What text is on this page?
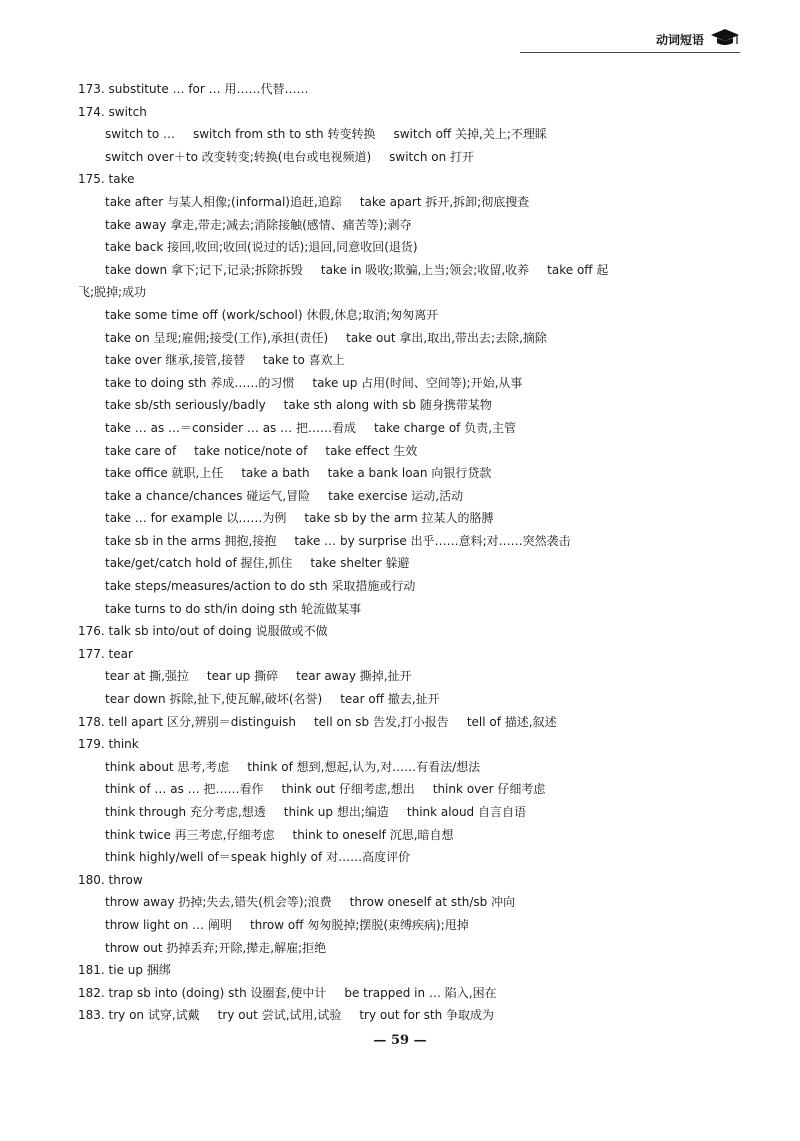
动词短语
173. substitute … for … 用……代替……
174. switch
switch to … switch from sth to sth 转变转换 switch off 关掉,关上;不理睬
switch over＋to 改变转变;转换(电台或电视频道) switch on 打开
175. take
take after 与某人相像;(informal)追赶,追踪 take apart 拆开,拆卸;彻底搜查
take away 拿走,带走;减去;消除接触(感情、痛苦等);剥夺
take back 接回,收回;收回(说过的话);退回,同意收回(退货)
take down 拿下;记下,记录;拆除拆毁 take in 吸收;欺骗,上当;领会;收留,收养 take off 起
飞;脱掉;成功
take some time off (work/school) 休假,休息;取消;匆匆离开
take on 呈现;雇佣;接受(工作),承担(责任) take out 拿出,取出,带出去;去除,摘除
take over 继承,接管,接替 take to 喜欢上
take to doing sth 养成……的习惯 take up 占用(时间、空间等);开始,从事
take sb/sth seriously/badly take sth along with sb 随身携带某物
take … as …＝consider … as … 把……看成 take charge of 负责,主管
take care of take notice/note of take effect 生效
take office 就职,上任 take a bath take a bank loan 向银行贷款
take a chance/chances 碰运气,冒险 take exercise 运动,活动
take … for example 以……为例 take sb by the arm 拉某人的胳膊
take sb in the arms 拥抱,接抱 take … by surprise 出乎……意料;对……突然袭击
take/get/catch hold of 握住,抓住 take shelter 躲避
take steps/measures/action to do sth 采取措施或行动
take turns to do sth/in doing sth 轮流做某事
176. talk sb into/out of doing 说服做或不做
177. tear
tear at 撕,强拉 tear up 撕碎 tear away 撕掉,扯开
tear down 拆除,扯下,使瓦解,破坏(名誉) tear off 撤去,扯开
178. tell apart 区分,辨别＝distinguish tell on sb 告发,打小报告 tell of 描述,叙述
179. think
think about 思考,考虑 think of 想到,想起,认为,对……有看法/想法
think of … as … 把……看作 think out 仔细考虑,想出 think over 仔细考虑
think through 充分考虑,想透 think up 想出;编造 think aloud 自言自语
think twice 再三考虑,仔细考虑 think to oneself 沉思,暗自想
think highly/well of＝speak highly of 对……高度评价
180. throw
throw away 扔掉;失去,错失(机会等);浪费 throw oneself at sth/sb 冲向
throw light on … 阐明 throw off 匆匆脱掉;摆脱(束缚疾病);甩掉
throw out 扔掉丢弃;开除,撵走,解雇;拒绝
181. tie up 捆绑
182. trap sb into (doing) sth 设圈套,使中计 be trapped in … 陷入,困在
183. try on 试穿,试戴 try out 尝试,试用,试验 try out for sth 争取成为
— 59 —
